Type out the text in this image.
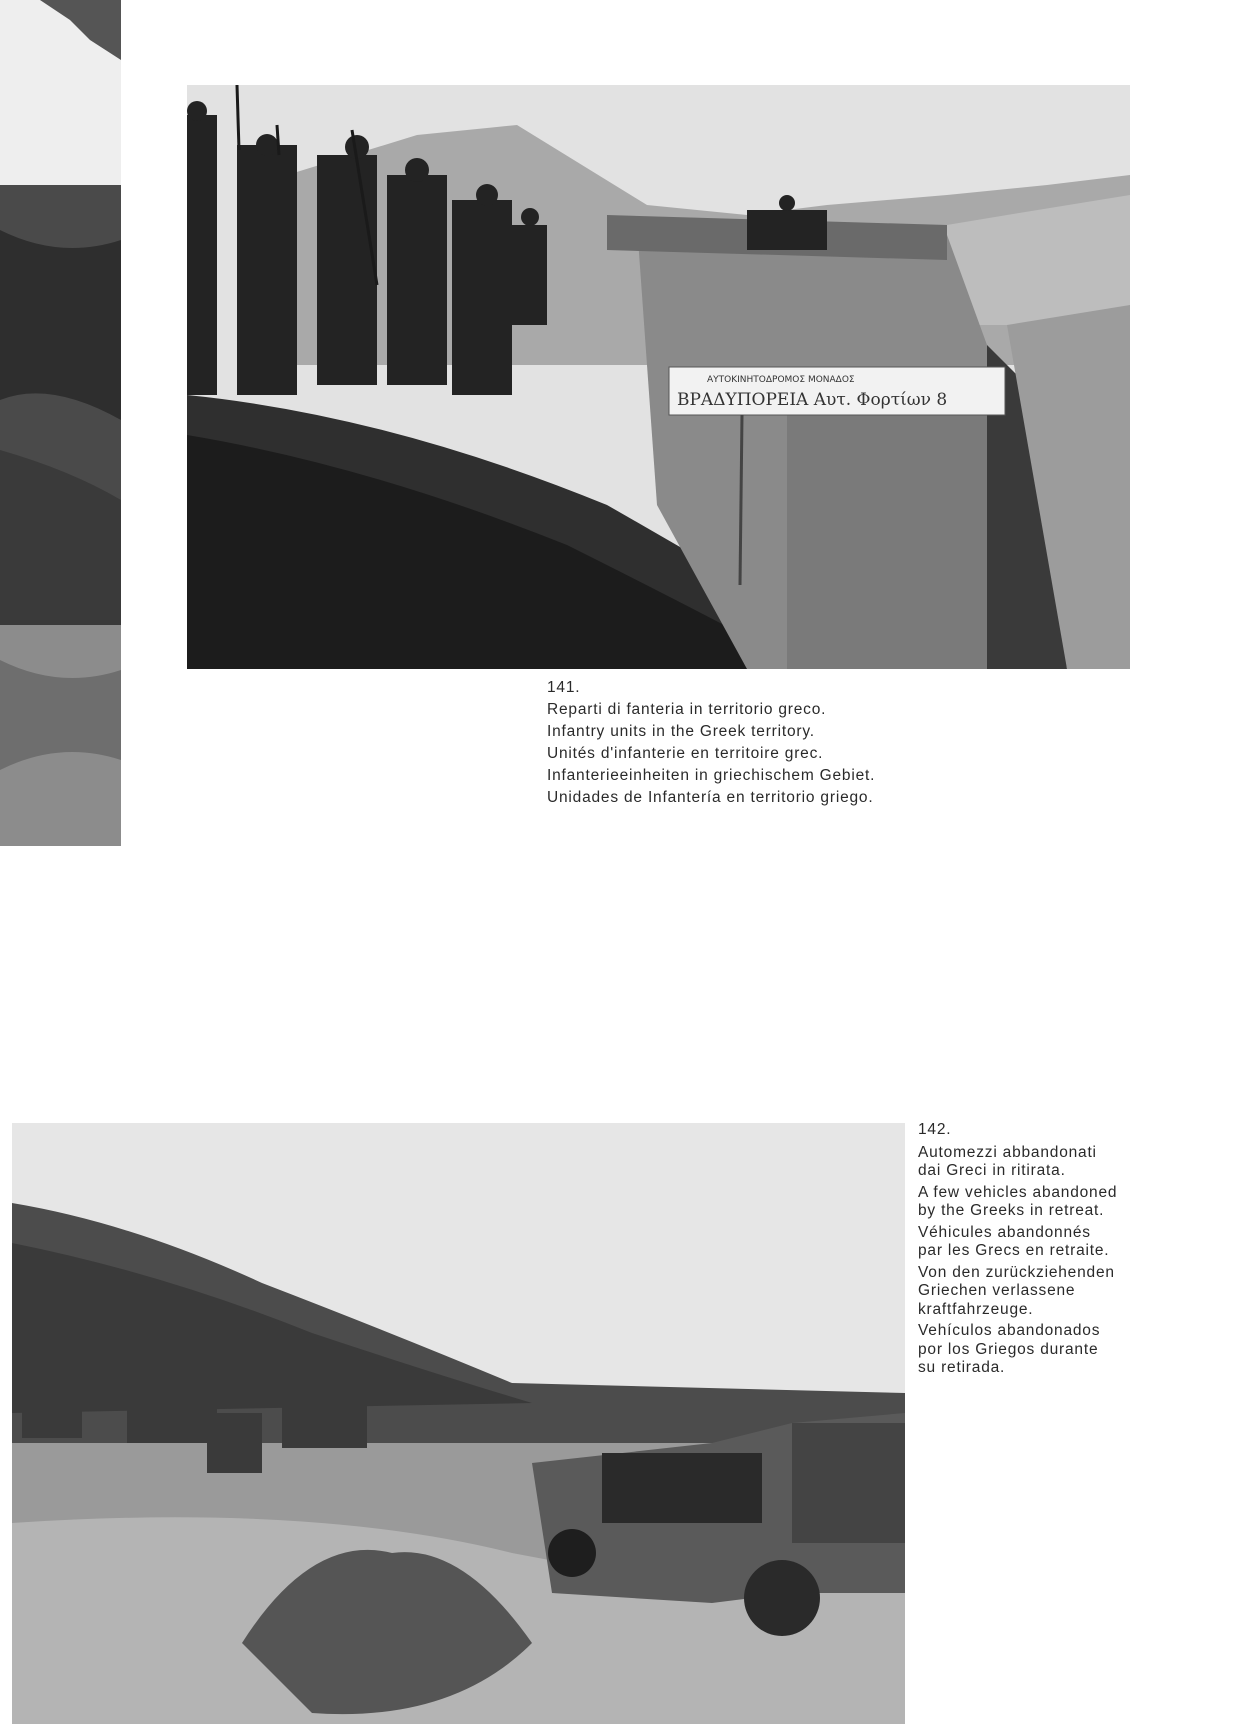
ΑΥΤΟΚΙΝΗΤΟΔΡΟΜΟΣ ΜΟΝΑΔΟΣ
ΒΡΑΔΥΠΟΡΕΙΑ Αυτ. Φορτίων 8

141.

Reparti di fanteria in territorio greco.

Infantry units in the Greek territory.

Unités d'infanterie en territoire grec.

Infanterieeinheiten in griechischem Gebiet.

Unidades de Infantería en territorio griego.

142.

Automezzi abbandonati

dai Greci in ritirata.

A few vehicles abandoned

by the Greeks in retreat.

Véhicules abandonnés

par les Grecs en retraite.

Von den zurückziehenden

Griechen verlassene

kraftfahrzeuge.

Vehículos abandonados

por los Griegos durante

su retirada.
